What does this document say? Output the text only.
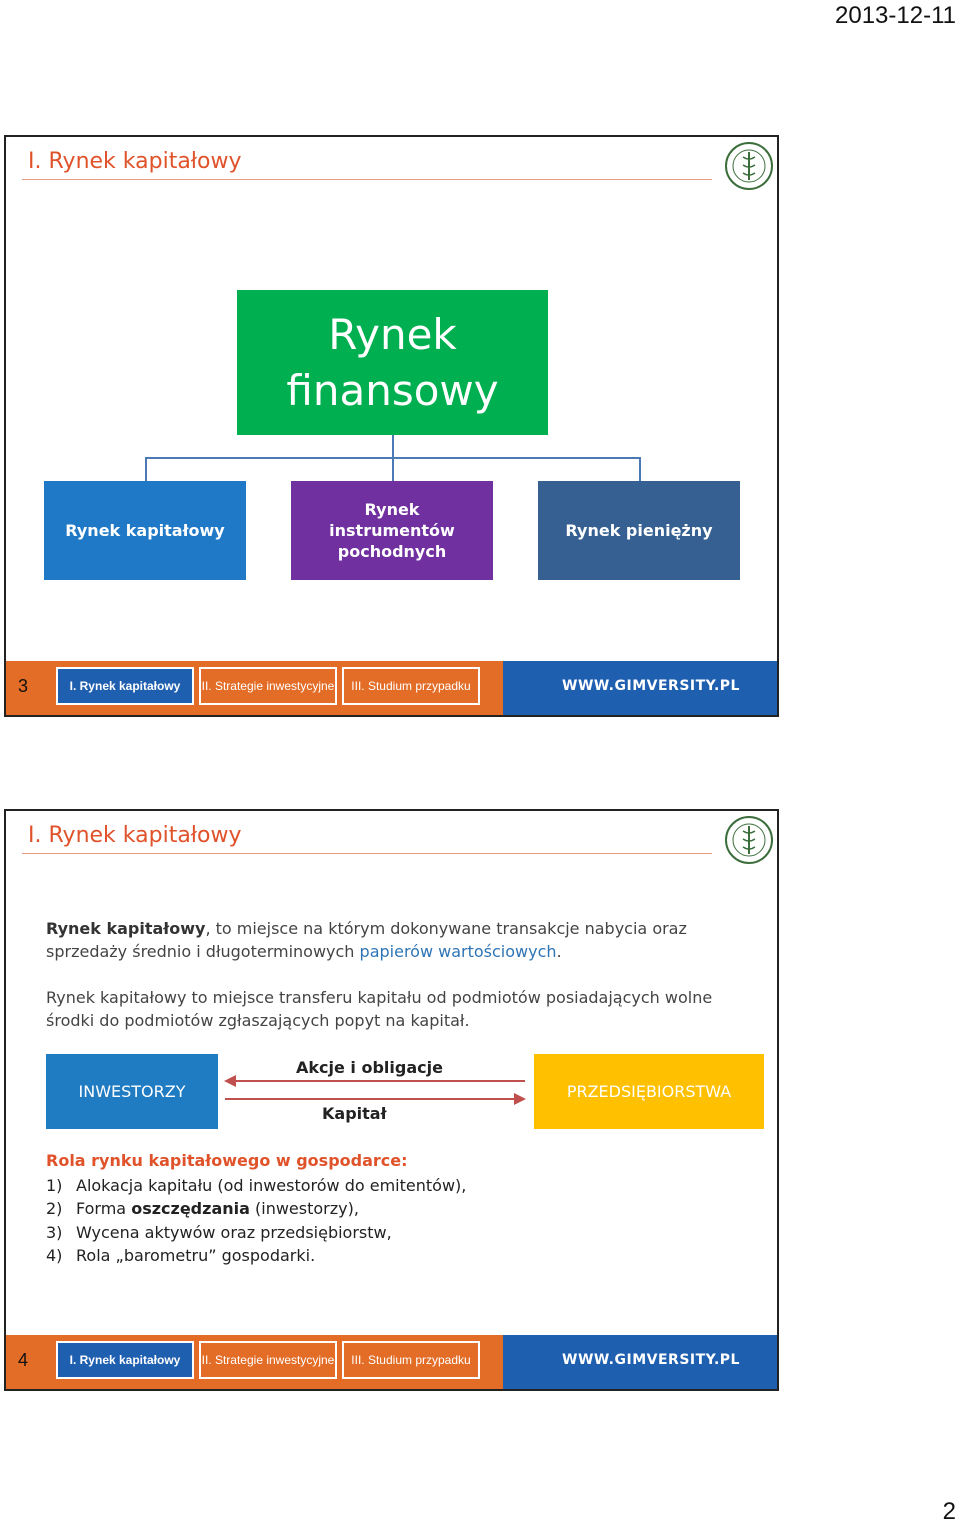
2013-12-11
I. Rynek kapitałowy
Rynek finansowy
Rynek kapitałowy
Rynek instrumentów pochodnych
Rynek pieniężny
3	I. Rynek kapitałowy	II. Strategie inwestycyjne	III. Studium przypadku	WWW.GIMVERSITY.PL
I. Rynek kapitałowy
Rynek kapitałowy, to miejsce na którym dokonywane transakcje nabycia oraz sprzedaży średnio i długoterminowych papierów wartościowych.
Rynek kapitałowy to miejsce transferu kapitału od podmiotów posiadających wolne środki do podmiotów zgłaszających popyt na kapitał.
INWESTORZY	PRZEDSIĘBIORSTWA
Akcje i obligacje
Kapitał
Rola rynku kapitałowego w gospodarce:
1) Alokacja kapitału (od inwestorów do emitentów),
2) Forma oszczędzania (inwestorzy),
3) Wycena aktywów oraz przedsiębiorstw,
4) Rola „barometru” gospodarki.
4	I. Rynek kapitałowy	II. Strategie inwestycyjne	III. Studium przypadku	WWW.GIMVERSITY.PL
2
